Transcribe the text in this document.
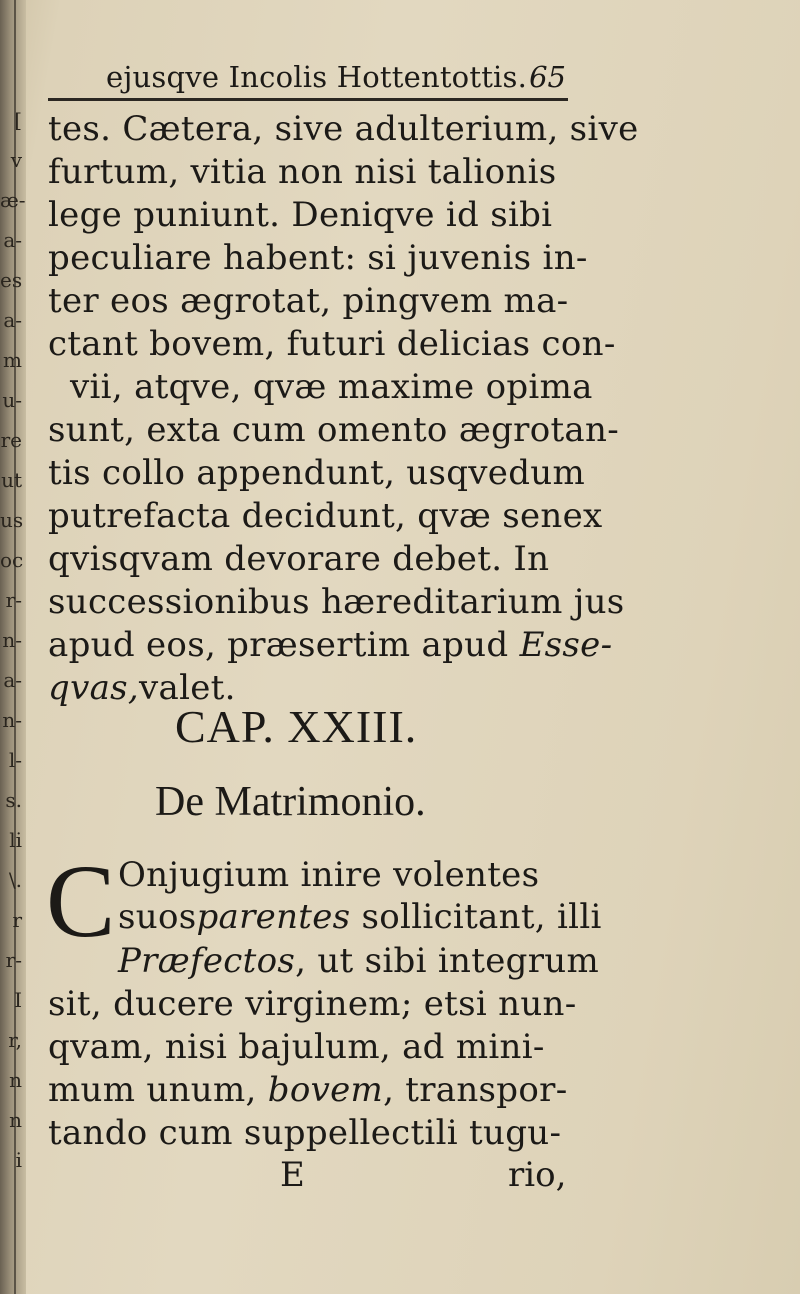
[
v
æ-
a-
es
a-
m
u-
re
ut
us
oc
r-
n-
a-
n-
l-
s.
li
\.
r
r-
I
r,
n
n
i
ejusqve Incolis Hottentottis. 65
tes. Cætera, sive adulterium, sive
furtum, vitia non nisi talionis
lege puniunt. Deniqve id sibi
peculiare habent: si juvenis in-
ter eos ægrotat, pingvem ma-
ctant bovem, futuri delicias con-
vii, atqve, qvæ maxime opima
sunt, exta cum omento ægrotan-
tis collo appendunt, usqvedum
putrefacta decidunt, qvæ senex
qvisqvam devorare debet. In
successionibus hæreditarium jus
apud eos, præsertim apud Esse-
qvas,valet.
CAP. XXIII.
De Matrimonio.
C Onjugium inire volentes
suosparentes sollicitant, illi
Præfectos, ut sibi integrum
sit, ducere virginem; etsi nun-
qvam, nisi bajulum, ad mini-
mum unum, bovem, transpor-
tando cum suppellectili tugu-
E	rio,
